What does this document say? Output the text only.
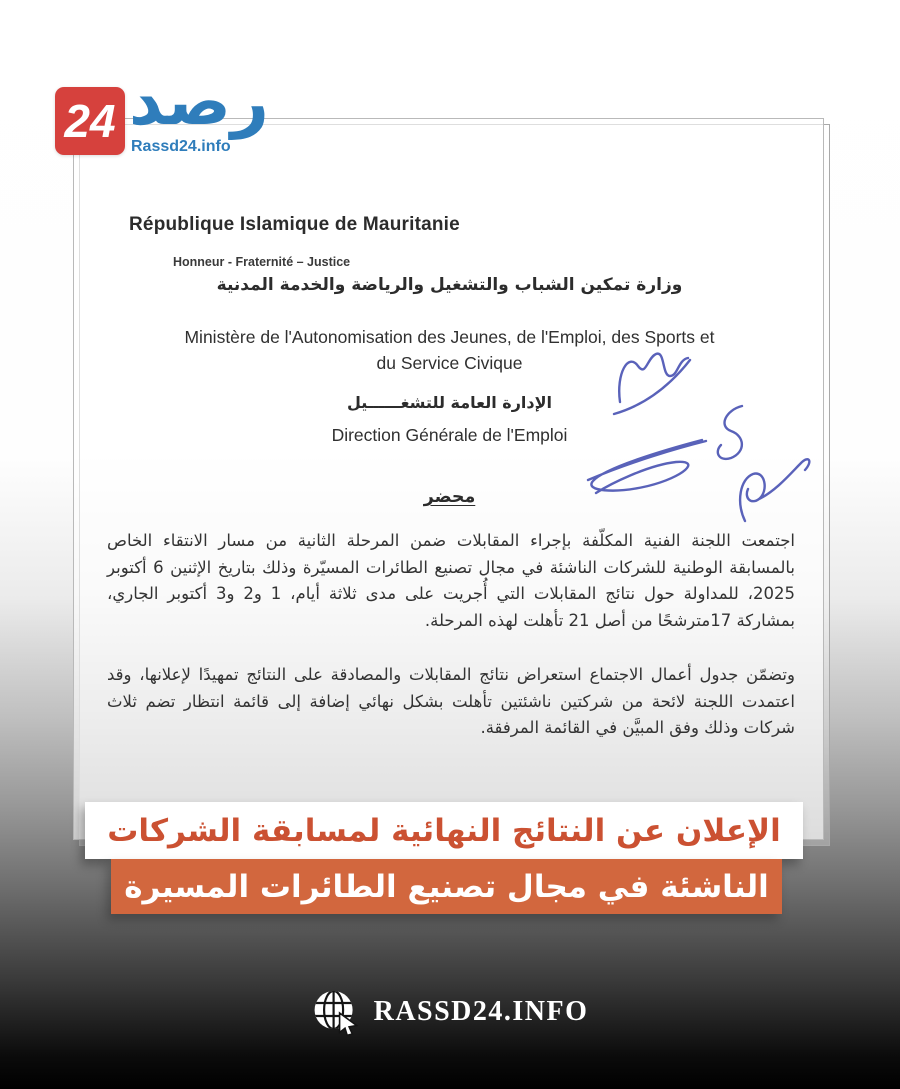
République Islamique de Mauritanie
Honneur - Fraternité – Justice
وزارة تمكين الشباب والتشغيل والرياضة والخدمة المدنية
Ministère de l'Autonomisation des Jeunes, de l'Emploi, des Sports et
du Service Civique
الإدارة العامة للتشغــــــيل
Direction Générale de l'Emploi
محضر
اجتمعت اللجنة الفنية المكلّفة بإجراء المقابلات ضمن المرحلة الثانية من مسار الانتقاء الخاص بالمسابقة الوطنية للشركات الناشئة في مجال تصنيع الطائرات المسيّرة وذلك بتاريخ الإثنين 6 أكتوبر 2025، للمداولة حول نتائج المقابلات التي أُجريت على مدى ثلاثة أيام، 1 و2 و3 أكتوبر الجاري، بمشاركة 17مترشحًا من أصل 21 تأهلت لهذه المرحلة.
وتضمّن جدول أعمال الاجتماع استعراض نتائج المقابلات والمصادقة على النتائج تمهيدًا لإعلانها، وقد اعتمدت اللجنة لائحة من شركتين ناشئتين تأهلت بشكل نهائي إضافة إلى قائمة انتظار تضم ثلاث شركات وذلك وفق المبيَّن في القائمة المرفقة.
رصد
24 Rassd24.info
الإعلان عن النتائج النهائية لمسابقة الشركات
الناشئة في مجال تصنيع الطائرات المسيرة
RASSD24.INFO
